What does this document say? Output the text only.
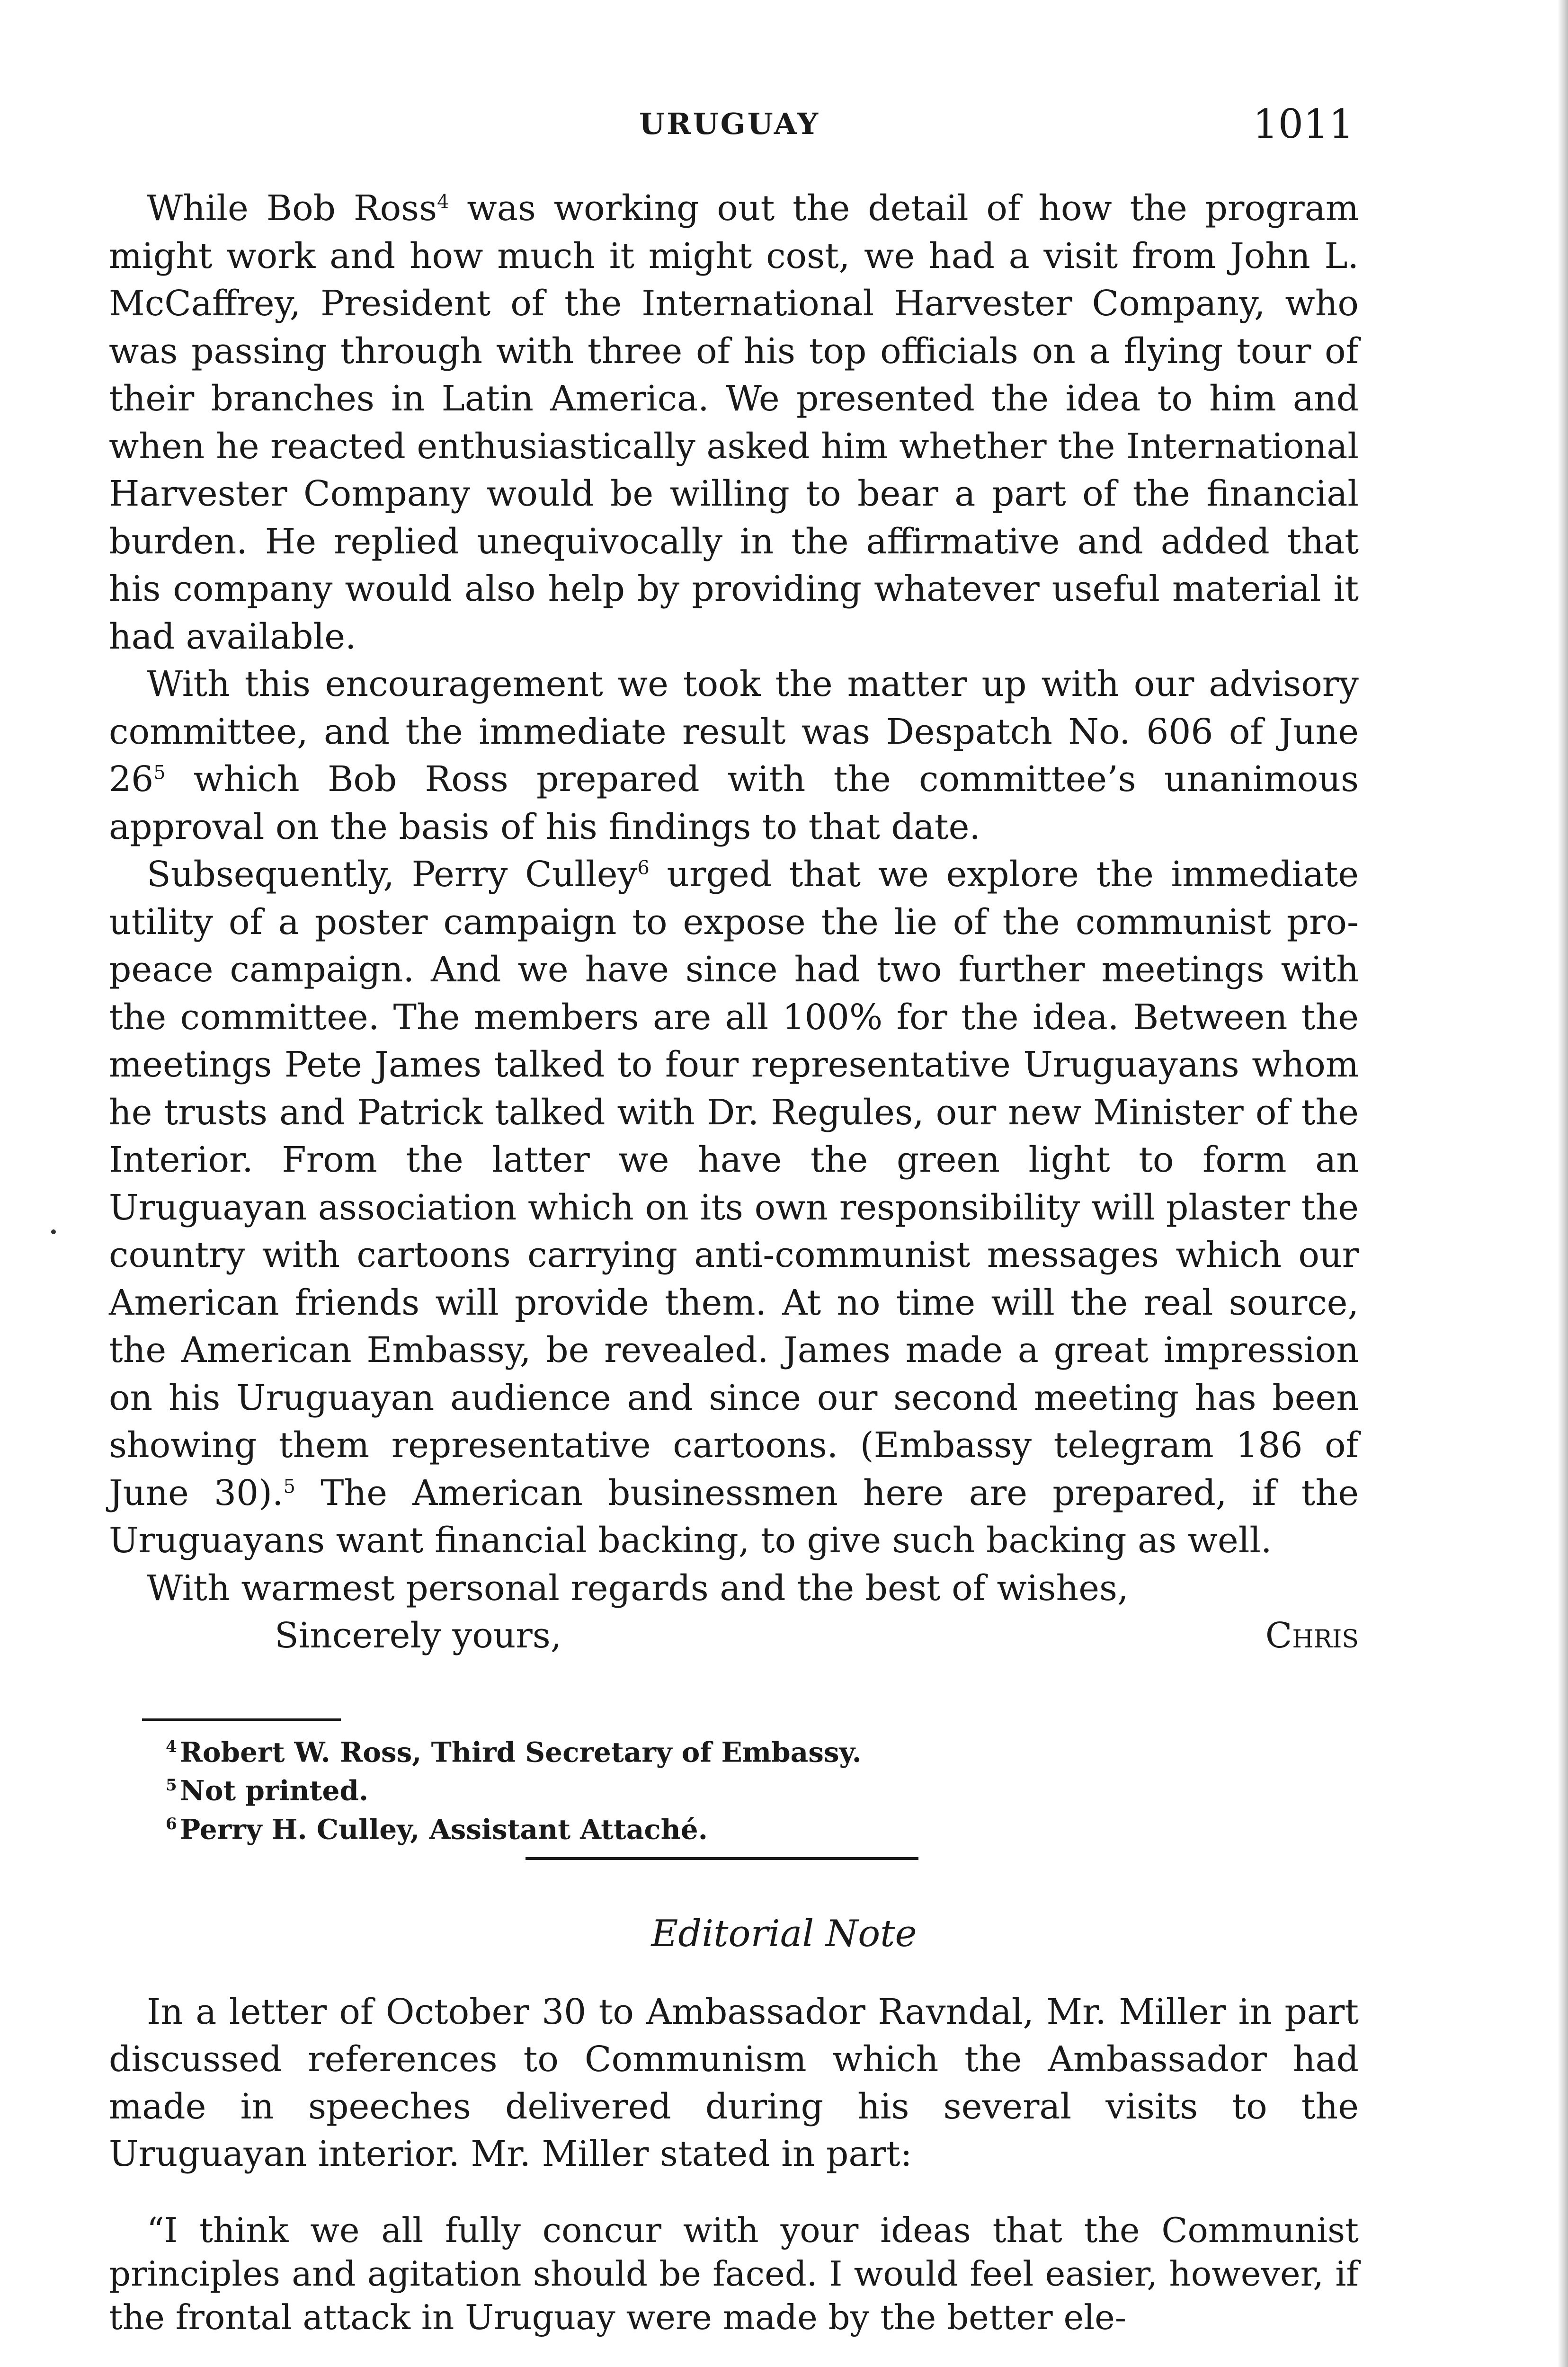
URUGUAY	1011

While Bob Ross$^4$ was working out the detail of how the program might work and how much it might cost, we had a visit from John L. McCaffrey, President of the International Harvester Company, who was passing through with three of his top officials on a flying tour of their branches in Latin America. We presented the idea to him and when he reacted enthusiastically asked him whether the International Harvester Company would be willing to bear a part of the financial burden. He replied unequivocally in the affirmative and added that his company would also help by providing whatever useful material it had available.

With this encouragement we took the matter up with our advisory committee, and the immediate result was Despatch No. 606 of June 26$^5$ which Bob Ross prepared with the committee’s unanimous approval on the basis of his findings to that date.

Subsequently, Perry Culley$^6$ urged that we explore the immediate utility of a poster campaign to expose the lie of the communist pro-peace campaign. And we have since had two further meetings with the committee. The members are all 100% for the idea. Between the meetings Pete James talked to four representative Uruguayans whom he trusts and Patrick talked with Dr. Regules, our new Minister of the Interior. From the latter we have the green light to form an Uruguayan association which on its own responsibility will plaster the country with cartoons carrying anti-communist messages which our American friends will provide them. At no time will the real source, the American Embassy, be revealed. James made a great impression on his Uruguayan audience and since our second meeting has been showing them representative cartoons. (Embassy telegram 186 of June 30).$^5$ The American businessmen here are prepared, if the Uruguayans want financial backing, to give such backing as well.

With warmest personal regards and the best of wishes,

Sincerely yours,	Chris

$^4$ Robert W. Ross, Third Secretary of Embassy.

$^5$ Not printed.

$^6$ Perry H. Culley, Assistant Attaché.

Editorial Note

In a letter of October 30 to Ambassador Ravndal, Mr. Miller in part discussed references to Communism which the Ambassador had made in speeches delivered during his several visits to the Uruguayan interior. Mr. Miller stated in part:

“I think we all fully concur with your ideas that the Communist principles and agitation should be faced. I would feel easier, however, if the frontal attack in Uruguay were made by the better ele-
